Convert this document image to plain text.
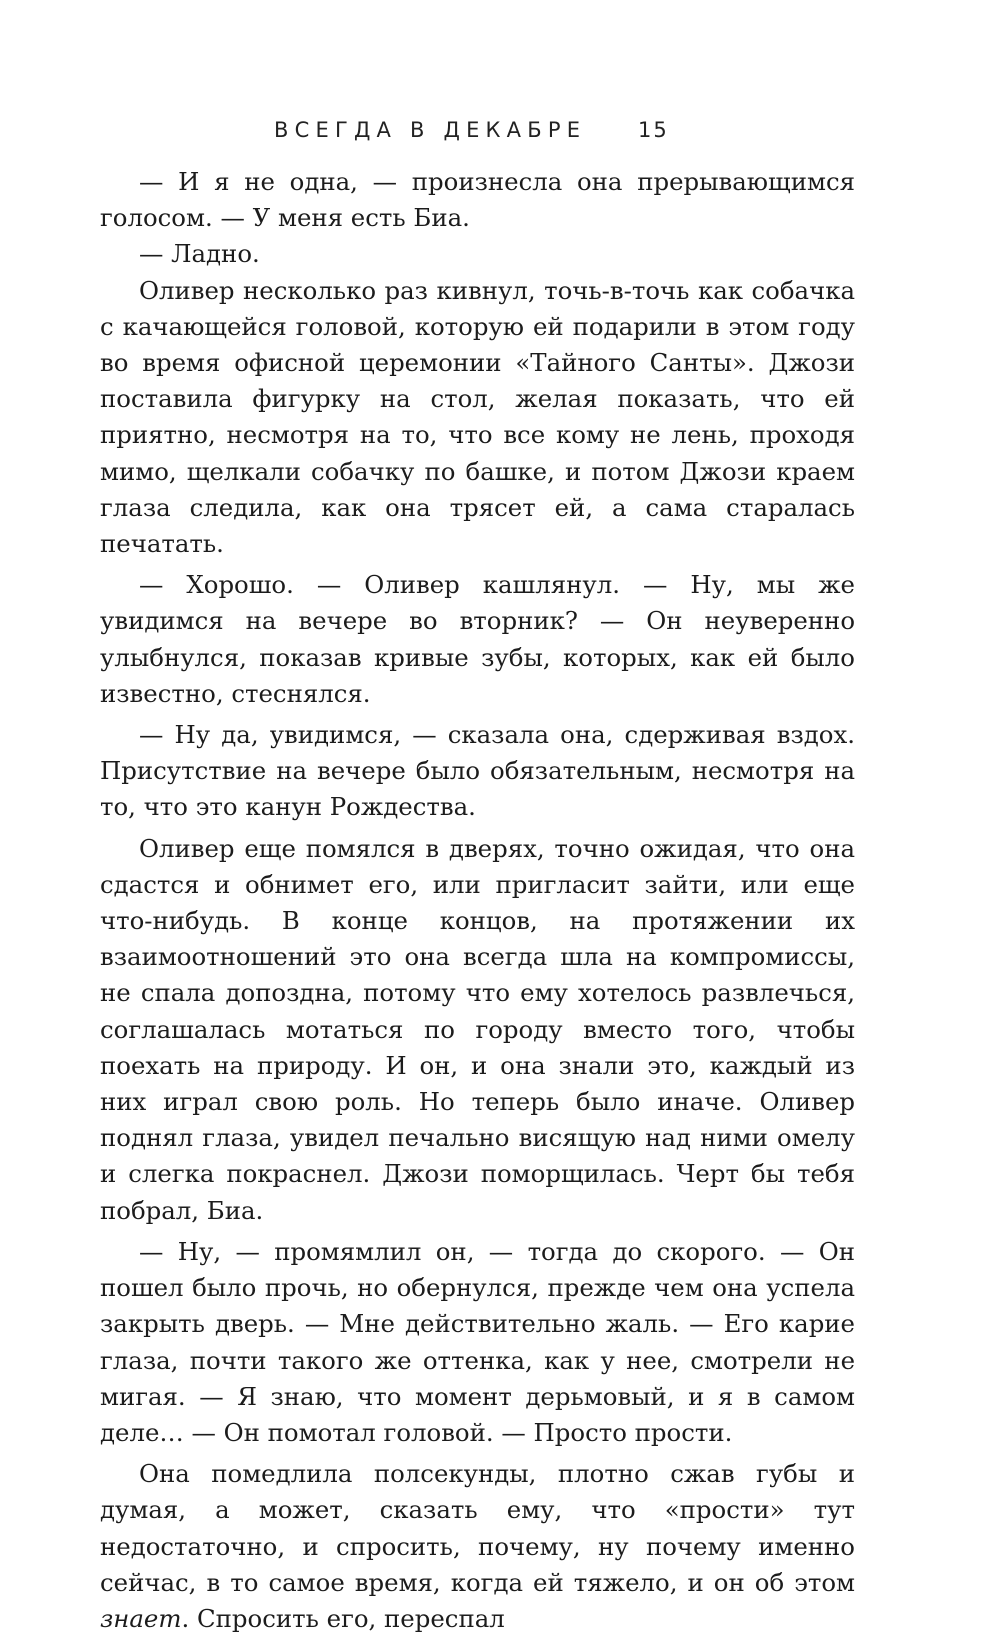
ВСЕГДА В ДЕКАБРЕ 15

— И я не одна, — произнесла она прерывающимся голосом. — У меня есть Биа.

— Ладно.

Оливер несколько раз кивнул, точь-в-точь как собачка с качающейся головой, которую ей подарили в этом году во время офисной церемонии «Тайного Санты». Джози поставила фигурку на стол, желая показать, что ей приятно, несмотря на то, что все кому не лень, проходя мимо, щелкали собачку по башке, и потом Джози краем глаза следила, как она трясет ей, а сама старалась печатать.

— Хорошо. — Оливер кашлянул. — Ну, мы же увидимся на вечере во вторник? — Он неуверенно улыбнулся, показав кривые зубы, которых, как ей было известно, стеснялся.

— Ну да, увидимся, — сказала она, сдерживая вздох. Присутствие на вечере было обязательным, несмотря на то, что это канун Рождества.

Оливер еще помялся в дверях, точно ожидая, что она сдастся и обнимет его, или пригласит зайти, или еще что-нибудь. В конце концов, на протяжении их взаимоотношений это она всегда шла на компромиссы, не спала допоздна, потому что ему хотелось развлечься, соглашалась мотаться по городу вместо того, чтобы поехать на природу. И он, и она знали это, каждый из них играл свою роль. Но теперь было иначе. Оливер поднял глаза, увидел печально висящую над ними омелу и слегка покраснел. Джози поморщилась. Черт бы тебя побрал, Биа.

— Ну, — промямлил он, — тогда до скорого. — Он пошел было прочь, но обернулся, прежде чем она успела закрыть дверь. — Мне действительно жаль. — Его карие глаза, почти такого же оттенка, как у нее, смотрели не мигая. — Я знаю, что момент дерьмовый, и я в самом деле… — Он помотал головой. — Просто прости.

Она помедлила полсекунды, плотно сжав губы и думая, а может, сказать ему, что «прости» тут недостаточно, и спросить, почему, ну почему именно сейчас, в то самое время, когда ей тяжело, и он об этом знает. Спросить его, переспал
